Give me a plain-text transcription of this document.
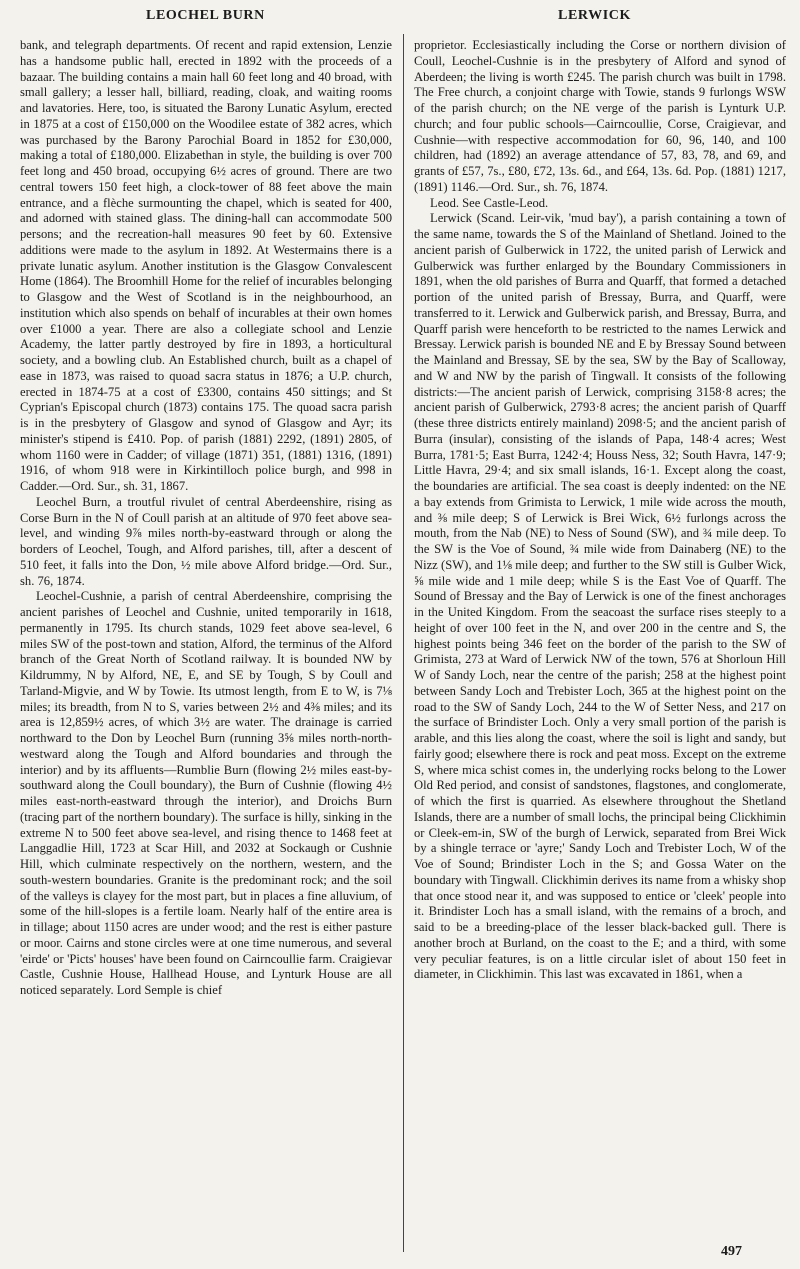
LEOCHEL BURN	LERWICK

bank, and telegraph departments. Of recent and rapid extension, Lenzie has a handsome public hall, erected in 1892 with the proceeds of a bazaar. The building contains a main hall 60 feet long and 40 broad, with small gallery; a lesser hall, billiard, reading, cloak, and waiting rooms and lavatories. Here, too, is situated the Barony Lunatic Asylum, erected in 1875 at a cost of £150,000 on the Woodilee estate of 382 acres, which was purchased by the Barony Parochial Board in 1852 for £30,000, making a total of £180,000. Elizabethan in style, the building is over 700 feet long and 450 broad, occupying 6½ acres of ground. There are two central towers 150 feet high, a clock-tower of 88 feet above the main entrance, and a flèche surmounting the chapel, which is seated for 400, and adorned with stained glass. The dining-hall can accommodate 500 persons; and the recreation-hall measures 90 feet by 60. Extensive additions were made to the asylum in 1892. At Westermains there is a private lunatic asylum. Another institution is the Glasgow Convalescent Home (1864). The Broomhill Home for the relief of incurables belonging to Glasgow and the West of Scotland is in the neighbourhood, an institution which also spends on behalf of incurables at their own homes over £1000 a year. There are also a collegiate school and Lenzie Academy, the latter partly destroyed by fire in 1893, a horticultural society, and a bowling club. An Established church, built as a chapel of ease in 1873, was raised to quoad sacra status in 1876; a U.P. church, erected in 1874-75 at a cost of £3300, contains 450 sittings; and St Cyprian's Episcopal church (1873) contains 175. The quoad sacra parish is in the presbytery of Glasgow and synod of Glasgow and Ayr; its minister's stipend is £410. Pop. of parish (1881) 2292, (1891) 2805, of whom 1160 were in Cadder; of village (1871) 351, (1881) 1316, (1891) 1916, of whom 918 were in Kirkintilloch police burgh, and 998 in Cadder.—Ord. Sur., sh. 31, 1867.

Leochel Burn, a troutful rivulet of central Aberdeenshire, rising as Corse Burn in the N of Coull parish at an altitude of 970 feet above sea-level, and winding 9⅞ miles north-by-eastward through or along the borders of Leochel, Tough, and Alford parishes, till, after a descent of 510 feet, it falls into the Don, ½ mile above Alford bridge.—Ord. Sur., sh. 76, 1874.

Leochel-Cushnie, a parish of central Aberdeenshire, comprising the ancient parishes of Leochel and Cushnie, united temporarily in 1618, permanently in 1795. Its church stands, 1029 feet above sea-level, 6 miles SW of the post-town and station, Alford, the terminus of the Alford branch of the Great North of Scotland railway. It is bounded NW by Kildrummy, N by Alford, NE, E, and SE by Tough, S by Coull and Tarland-Migvie, and W by Towie. Its utmost length, from E to W, is 7⅛ miles; its breadth, from N to S, varies between 2½ and 4⅜ miles; and its area is 12,859½ acres, of which 3½ are water. The drainage is carried northward to the Don by Leochel Burn (running 3⅝ miles north-north-westward along the Tough and Alford boundaries and through the interior) and by its affluents—Rumblie Burn (flowing 2½ miles east-by-southward along the Coull boundary), the Burn of Cushnie (flowing 4½ miles east-north-eastward through the interior), and Droichs Burn (tracing part of the northern boundary). The surface is hilly, sinking in the extreme N to 500 feet above sea-level, and rising thence to 1468 feet at Langgadlie Hill, 1723 at Scar Hill, and 2032 at Sockaugh or Cushnie Hill, which culminate respectively on the northern, western, and the south-western boundaries. Granite is the predominant rock; and the soil of the valleys is clayey for the most part, but in places a fine alluvium, of some of the hill-slopes is a fertile loam. Nearly half of the entire area is in tillage; about 1150 acres are under wood; and the rest is either pasture or moor. Cairns and stone circles were at one time numerous, and several 'eirde' or 'Picts' houses' have been found on Cairncoullie farm. Craigievar Castle, Cushnie House, Hallhead House, and Lynturk House are all noticed separately. Lord Semple is chief

proprietor. Ecclesiastically including the Corse or northern division of Coull, Leochel-Cushnie is in the presbytery of Alford and synod of Aberdeen; the living is worth £245. The parish church was built in 1798. The Free church, a conjoint charge with Towie, stands 9 furlongs WSW of the parish church; on the NE verge of the parish is Lynturk U.P. church; and four public schools—Cairncoullie, Corse, Craigievar, and Cushnie—with respective accommodation for 60, 96, 140, and 100 children, had (1892) an average attendance of 57, 83, 78, and 69, and grants of £57, 7s., £80, £72, 13s. 6d., and £64, 13s. 6d. Pop. (1881) 1217, (1891) 1146.—Ord. Sur., sh. 76, 1874.

Leod. See Castle-Leod.

Lerwick (Scand. Leir-vik, 'mud bay'), a parish containing a town of the same name, towards the S of the Mainland of Shetland. Joined to the ancient parish of Gulberwick in 1722, the united parish of Lerwick and Gulberwick was further enlarged by the Boundary Commissioners in 1891, when the old parishes of Burra and Quarff, that formed a detached portion of the united parish of Bressay, Burra, and Quarff, were transferred to it. Lerwick and Gulberwick parish, and Bressay, Burra, and Quarff parish were henceforth to be restricted to the names Lerwick and Bressay. Lerwick parish is bounded NE and E by Bressay Sound between the Mainland and Bressay, SE by the sea, SW by the Bay of Scalloway, and W and NW by the parish of Tingwall. It consists of the following districts:—The ancient parish of Lerwick, comprising 3158·8 acres; the ancient parish of Gulberwick, 2793·8 acres; the ancient parish of Quarff (these three districts entirely mainland) 2098·5; and the ancient parish of Burra (insular), consisting of the islands of Papa, 148·4 acres; West Burra, 1781·5; East Burra, 1242·4; Houss Ness, 32; South Havra, 147·9; Little Havra, 29·4; and six small islands, 16·1. Except along the coast, the boundaries are artificial. The sea coast is deeply indented: on the NE a bay extends from Grimista to Lerwick, 1 mile wide across the mouth, and ⅜ mile deep; S of Lerwick is Brei Wick, 6½ furlongs across the mouth, from the Nab (NE) to Ness of Sound (SW), and ¾ mile deep. To the SW is the Voe of Sound, ¾ mile wide from Dainaberg (NE) to the Nizz (SW), and 1⅛ mile deep; and further to the SW still is Gulber Wick, ⅝ mile wide and 1 mile deep; while S is the East Voe of Quarff. The Sound of Bressay and the Bay of Lerwick is one of the finest anchorages in the United Kingdom. From the seacoast the surface rises steeply to a height of over 100 feet in the N, and over 200 in the centre and S, the highest points being 346 feet on the border of the parish to the SW of Grimista, 273 at Ward of Lerwick NW of the town, 576 at Shorloun Hill W of Sandy Loch, near the centre of the parish; 258 at the highest point between Sandy Loch and Trebister Loch, 365 at the highest point on the road to the SW of Sandy Loch, 244 to the W of Setter Ness, and 217 on the surface of Brindister Loch. Only a very small portion of the parish is arable, and this lies along the coast, where the soil is light and sandy, but fairly good; elsewhere there is rock and peat moss. Except on the extreme S, where mica schist comes in, the underlying rocks belong to the Lower Old Red period, and consist of sandstones, flagstones, and conglomerate, of which the first is quarried. As elsewhere throughout the Shetland Islands, there are a number of small lochs, the principal being Clickhimin or Cleek-em-in, SW of the burgh of Lerwick, separated from Brei Wick by a shingle terrace or 'ayre;' Sandy Loch and Trebister Loch, W of the Voe of Sound; Brindister Loch in the S; and Gossa Water on the boundary with Tingwall. Clickhimin derives its name from a whisky shop that once stood near it, and was supposed to entice or 'cleek' people into it. Brindister Loch has a small island, with the remains of a broch, and said to be a breeding-place of the lesser black-backed gull. There is another broch at Burland, on the coast to the E; and a third, with some very peculiar features, is on a little circular islet of about 150 feet in diameter, in Clickhimin. This last was excavated in 1861, when a

497
